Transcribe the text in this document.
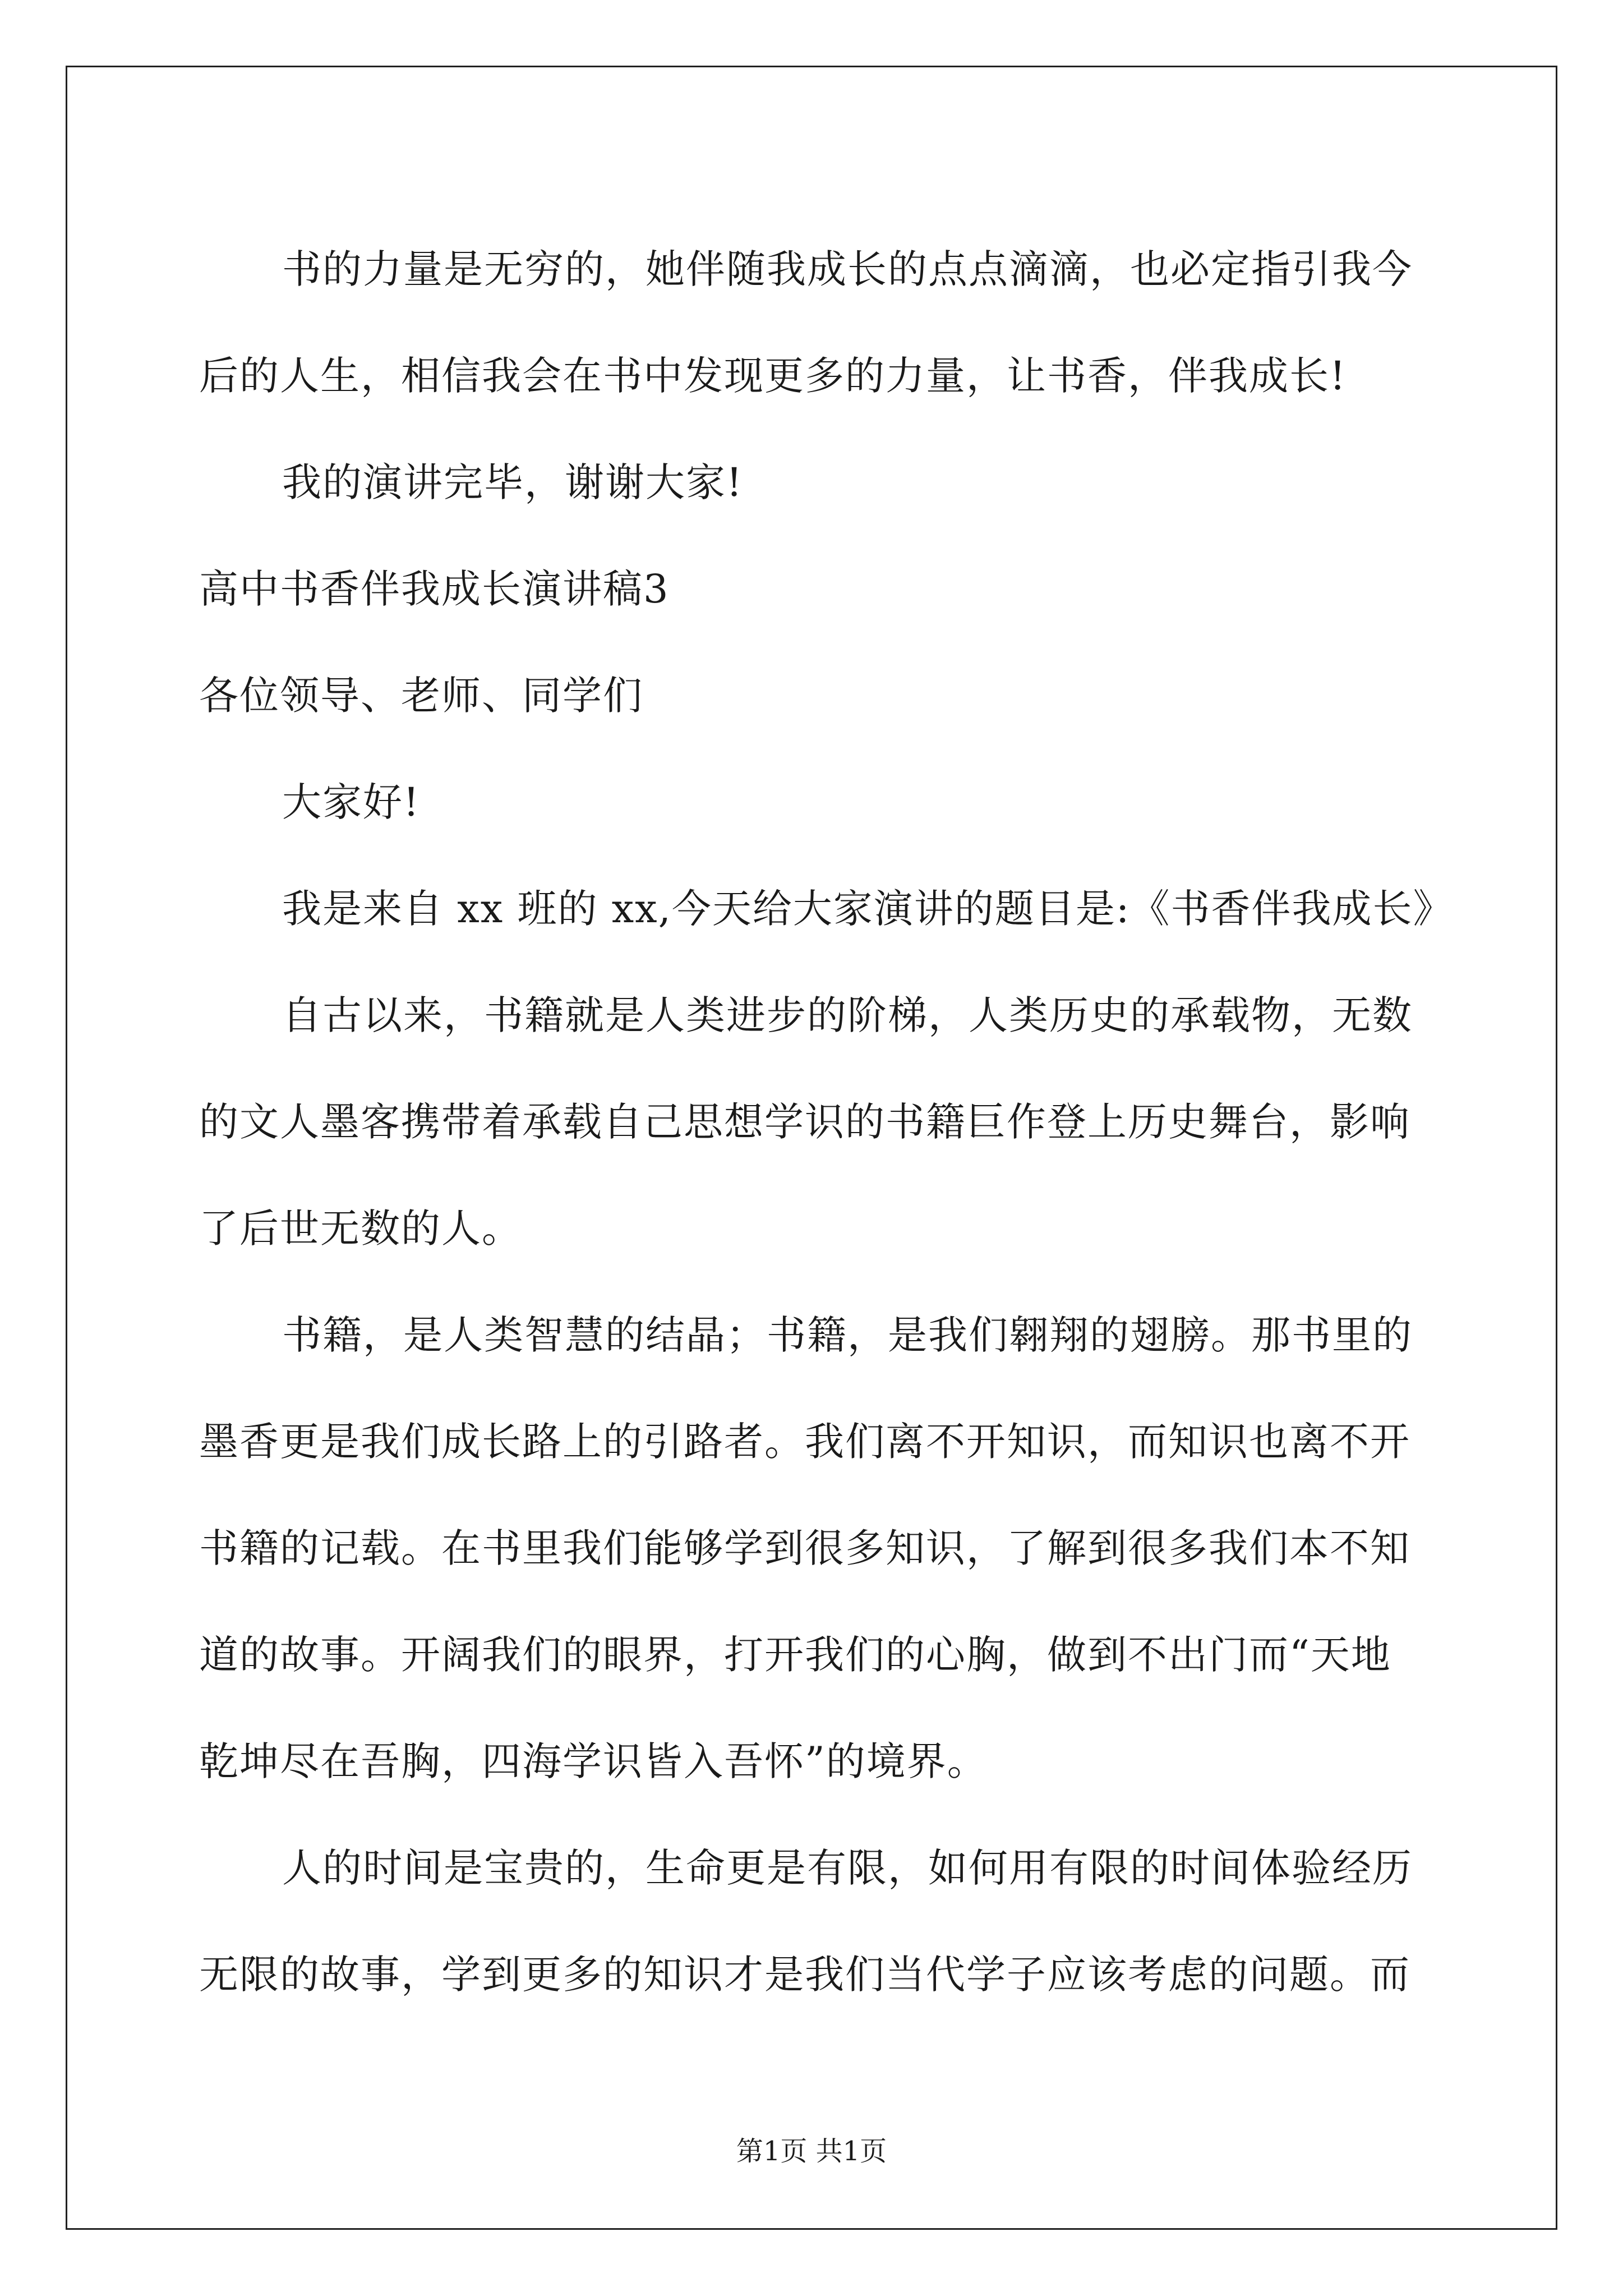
书的力量是无穷的，她伴随我成长的点点滴滴，也必定指引我今
后的人生，相信我会在书中发现更多的力量，让书香，伴我成长!
我的演讲完毕，谢谢大家!
高中书香伴我成长演讲稿3
各位领导、老师、同学们
大家好!
我是来自 xx 班的 xx,今天给大家演讲的题目是:《书香伴我成长》
自古以来，书籍就是人类进步的阶梯，人类历史的承载物，无数
的文人墨客携带着承载自己思想学识的书籍巨作登上历史舞台，影响
了后世无数的人。
书籍，是人类智慧的结晶；书籍，是我们翱翔的翅膀。那书里的
墨香更是我们成长路上的引路者。我们离不开知识，而知识也离不开
书籍的记载。在书里我们能够学到很多知识，了解到很多我们本不知
道的故事。开阔我们的眼界，打开我们的心胸，做到不出门而“天地
乾坤尽在吾胸，四海学识皆入吾怀”的境界。
人的时间是宝贵的，生命更是有限，如何用有限的时间体验经历
无限的故事，学到更多的知识才是我们当代学子应该考虑的问题。而
第1页 共1页
